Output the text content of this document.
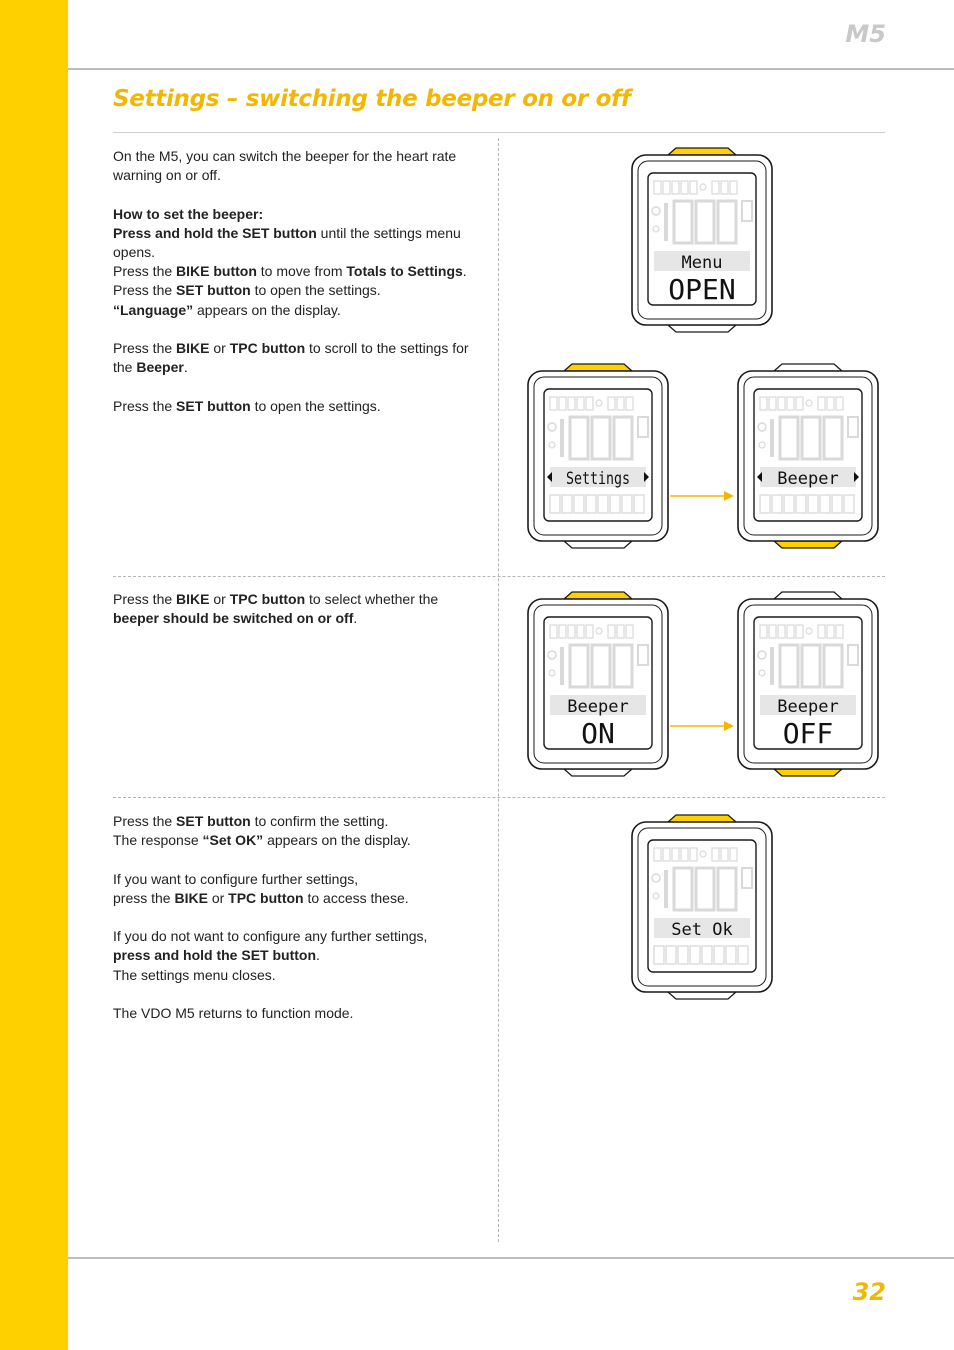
M5
Settings – switching the beeper on or off
32

On the M5, you can switch the beeper for the heart rate warning on or off.

How to set the beeper:

Press and hold the SET button until the settings menu opens.

Press the BIKE button to move from Totals to Settings.

Press the SET button to open the settings.

“Language” appears on the display.

Press the BIKE or TPC button to scroll to the settings for the Beeper.

Press the SET button to open the settings.

Press the BIKE or TPC button to select whether the beeper should be switched on or off.

Press the SET button to confirm the setting.

The response “Set OK” appears on the display.

If you want to configure further settings,

press the BIKE or TPC button to access these.

If you do not want to configure any further settings,

press and hold the SET button.

The settings menu closes.

The VDO M5 returns to function mode.

Menu
OPEN
Settings	Beeper
Beeper
ON
Beeper
OFF
Set Ok
